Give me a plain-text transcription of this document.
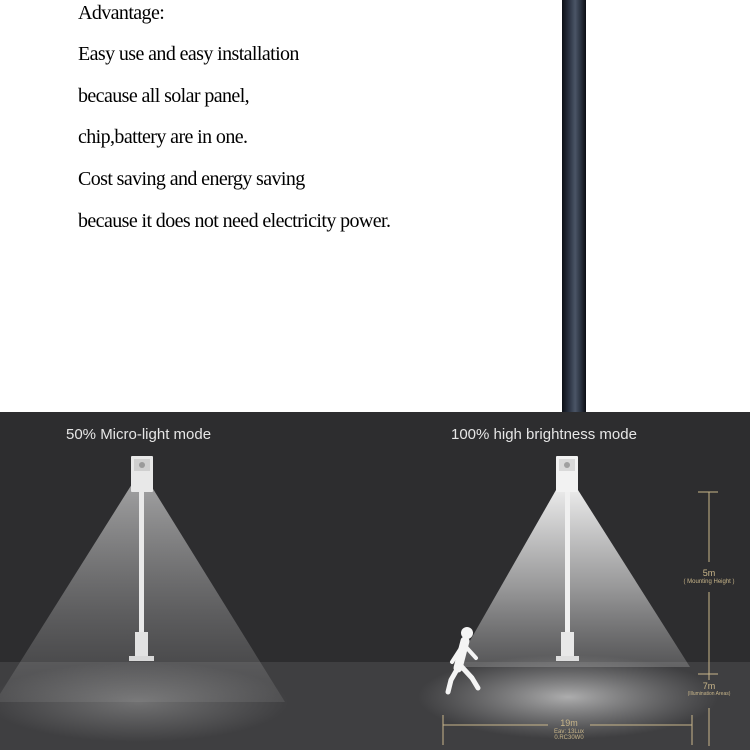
Advantage:
Easy use and easy installation
because all solar panel,
chip,battery are in one.
Cost saving and energy saving
because it does not need electricity power.
50% Micro-light mode	100% high brightness mode
5m
( Mounting Height )
7m
(Illumination Areas)
19m
Eav: 13Lux
0.RC30W0
